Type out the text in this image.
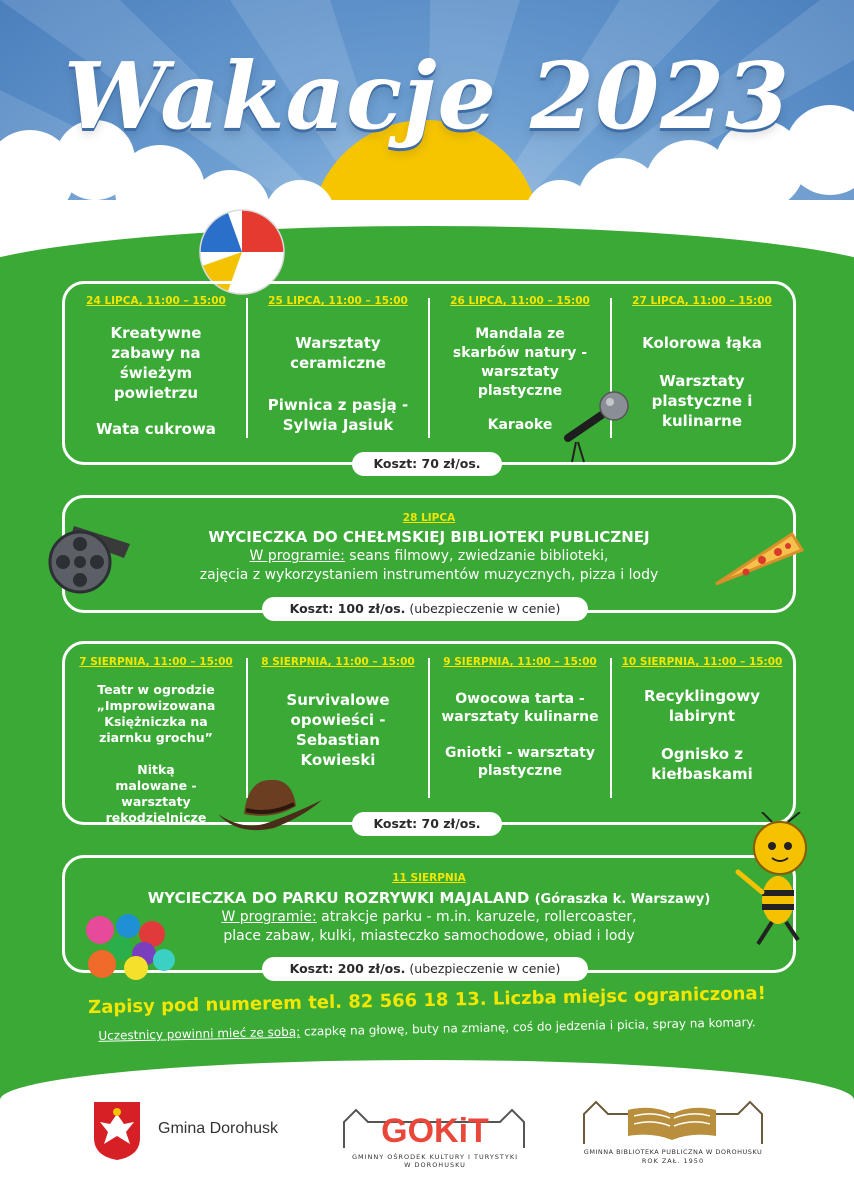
Wakacje 2023
24 LIPCA, 11:00 – 15:00
Kreatywne zabawy na świeżym powietrzu
Wata cukrowa
25 LIPCA, 11:00 – 15:00
Warsztaty ceramiczne
Piwnica z pasją - Sylwia Jasiuk
26 LIPCA, 11:00 – 15:00
Mandala ze skarbów natury - warsztaty plastyczne
Karaoke
27 LIPCA, 11:00 – 15:00
Kolorowa łąka
Warsztaty plastyczne i kulinarne
Koszt: 70 zł/os.
28 LIPCA
WYCIECZKA DO CHEŁMSKIEJ BIBLIOTEKI PUBLICZNEJ
W programie: seans filmowy, zwiedzanie biblioteki,
zajęcia z wykorzystaniem instrumentów muzycznych, pizza i lody
Koszt: 100 zł/os. (ubezpieczenie w cenie)
7 SIERPNIA, 11:00 – 15:00
Teatr w ogrodzie „Improwizowana Księżniczka na ziarnku grochu”
Nitką malowane - warsztaty rękodzielnicze
8 SIERPNIA, 11:00 – 15:00
Survivalowe opowieści - Sebastian Kowieski
9 SIERPNIA, 11:00 – 15:00
Owocowa tarta - warsztaty kulinarne
Gniotki - warsztaty plastyczne
10 SIERPNIA, 11:00 – 15:00
Recyklingowy labirynt
Ognisko z kiełbaskami
Koszt: 70 zł/os.
11 SIERPNIA
WYCIECZKA DO PARKU ROZRYWKI MAJALAND (Góraszka k. Warszawy)
W programie: atrakcje parku - m.in. karuzele, rollercoaster,
place zabaw, kulki, miasteczko samochodowe, obiad i lody
Koszt: 200 zł/os. (ubezpieczenie w cenie)
Zapisy pod numerem tel. 82 566 18 13. Liczba miejsc ograniczona!
Uczestnicy powinni mieć ze sobą: czapkę na głowę, buty na zmianę, coś do jedzenia i picia, spray na komary.
Gmina Dorohusk	GOKiT
GMINNY OŚRODEK KULTURY I TURYSTYKI
W DOROHUSKU
GMINNA BIBLIOTEKA PUBLICZNA W DOROHUSKU
ROK ZAŁ. 1950
